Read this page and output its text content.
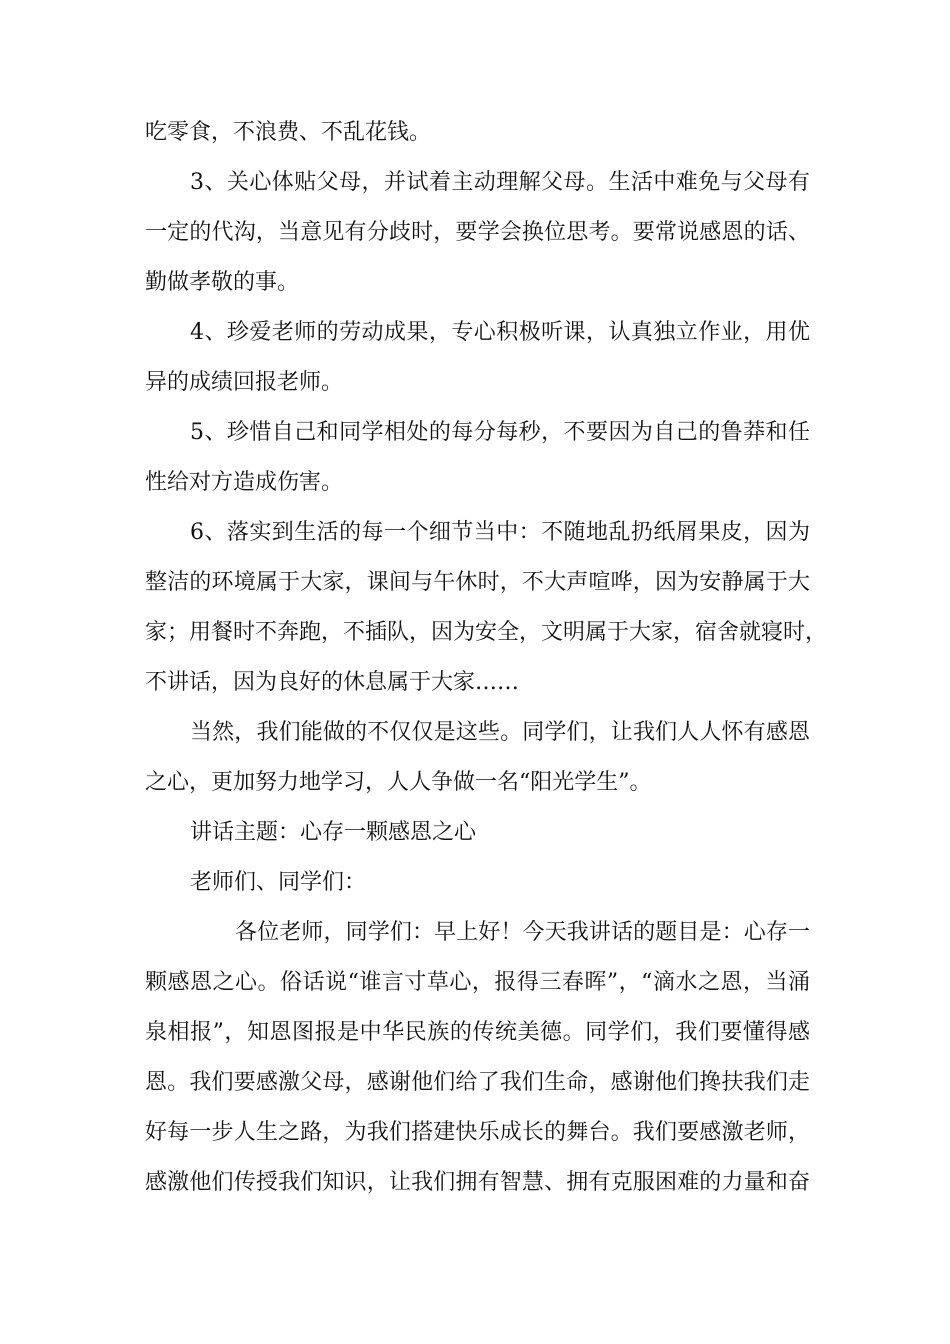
吃零食，不浪费、不乱花钱。
3、关心体贴父母，并试着主动理解父母。生活中难免与父母有
一定的代沟，当意见有分歧时，要学会换位思考。要常说感恩的话、
勤做孝敬的事。
4、珍爱老师的劳动成果，专心积极听课，认真独立作业，用优
异的成绩回报老师。
5、珍惜自己和同学相处的每分每秒，不要因为自己的鲁莽和任
性给对方造成伤害。
6、落实到生活的每一个细节当中：不随地乱扔纸屑果皮，因为
整洁的环境属于大家，课间与午休时，不大声喧哗，因为安静属于大
家；用餐时不奔跑，不插队，因为安全，文明属于大家，宿舍就寝时，
不讲话，因为良好的休息属于大家……
当然，我们能做的不仅仅是这些。同学们，让我们人人怀有感恩
之心，更加努力地学习，人人争做一名“阳光学生”。
讲话主题：心存一颗感恩之心
老师们、同学们：
各位老师，同学们：早上好！今天我讲话的题目是：心存一
颗感恩之心。俗话说“谁言寸草心，报得三春晖”，“滴水之恩，当涌
泉相报”，知恩图报是中华民族的传统美德。同学们，我们要懂得感
恩。我们要感激父母，感谢他们给了我们生命，感谢他们搀扶我们走
好每一步人生之路，为我们搭建快乐成长的舞台。我们要感激老师，
感激他们传授我们知识，让我们拥有智慧、拥有克服困难的力量和奋
